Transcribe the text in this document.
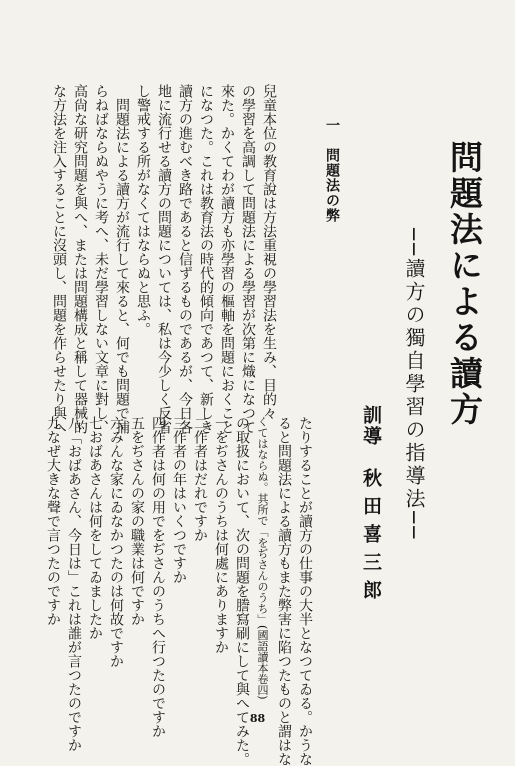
問題法による讀方
──讀方の獨自學習の指導法──
訓導　秋田喜三郎
一　問題法の弊

兒童本位の教育說は方法重視の學習法を生み、目的々

の學習を高調して問題法による學習が次第に熾になつて

來た。かくてわが讀方も亦學習の樞軸を問題におくこと

になつた。これは教育法の時代的傾向であつて、新しき

讀方の進むべき路であると信ずるものであるが、今日各

地に流行せる讀方の問題については、私は今少しく反省

し警戒する所がなくてはならぬと思ふ。

　問題法による讀方が流行して來ると、何でも問題で捕

らねばならぬやうに考へ、未だ學習しない文章に對し、

高尙な研究問題を與へ、または問題構成と稱して器械的

な方法を注入することに沒頭し、問題を作らせたり與へ

たりすることが讀方の仕事の大半となつてゐる。かうな

ると問題法による讀方もまた弊害に陷つたものと謂はな

くてはならぬ。其所で「をぢさんのうち」(國語讀本卷四)

の取扱において、次の問題を謄寫刷にして與へてみた。

一をぢさんのうちは何處にありますか

二作者はだれですか

三作者の年はいくつですか

四作者は何の用でをぢさんのうちへ行つたのですか

五をぢさんの家の職業は何ですか

六みんな家にゐなかつたのは何故ですか

七おばあさんは何をしてゐましたか

八「おばあさん、今日は」これは誰が言つたのですか

九なぜ大きな聲で言つたのですか

88
